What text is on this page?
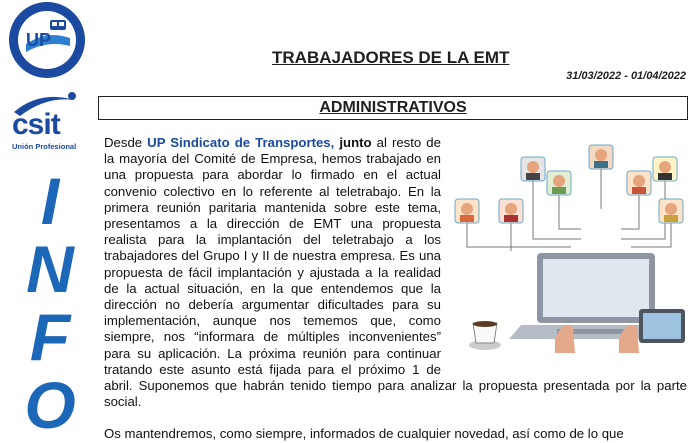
UP
csit
Unión Profesional
I
N
F
O
TRABAJADORES DE LA EMT
31/03/2022 - 01/04/2022
ADMINISTRATIVOS

Desde UP Sindicato de Transportes, junto al resto de la mayoría del Comité de Empresa, hemos trabajado en una propuesta para abordar lo firmado en el actual convenio colectivo en lo referente al teletrabajo. En la primera reunión paritaria mantenida sobre este tema, presentamos a la dirección de EMT una propuesta realista para la implantación del teletrabajo a los trabajadores del Grupo I y II de nuestra empresa. Es una propuesta de fácil implantación y ajustada a la realidad de la actual situación, en la que entendemos que la dirección no debería argumentar dificultades para su implementación, aunque nos tememos que, como siempre, nos “informara de múltiples inconvenientes” para su aplicación. La próxima reunión para continuar tratando este asunto está fijada para el próximo 1 de abril. Suponemos que habrán tenido tiempo para analizar la propuesta presentada por la parte social.

Os mantendremos, como siempre, informados de cualquier novedad, así como de lo que
